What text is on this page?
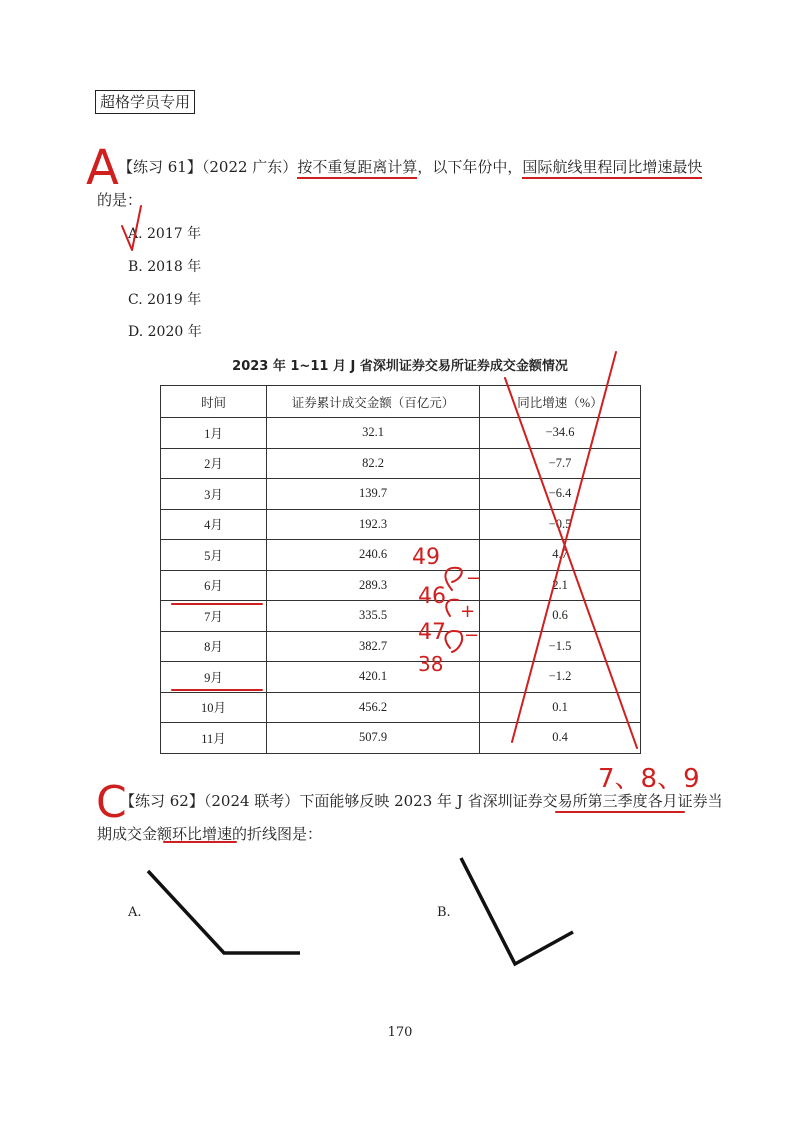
超格学员专用
【练习 61】（2022 广东）按不重复距离计算，以下年份中，国际航线里程同比增速最快
的是：
A. 2017 年
B. 2018 年
C. 2019 年
D. 2020 年
A
2023 年 1~11 月 J 省深圳证券交易所证券成交金额情况
时间	证券累计成交金额（百亿元）	同比增速（%）
1月	32.1	−34.6
2月	82.2	−7.7
3月	139.7	−6.4
4月	192.3	−0.5
5月	240.6	4.7
6月	289.3	2.1
7月	335.5	0.6
8月	382.7	−1.5
9月	420.1	−1.2
10月	456.2	0.1
11月	507.9	0.4
49
46
47
38
−
+
−
C	7、8、9
【练习 62】（2024 联考）下面能够反映 2023 年 J 省深圳证券交易所第三季度各月证券当
期成交金额环比增速的折线图是：
A.	B.
170
